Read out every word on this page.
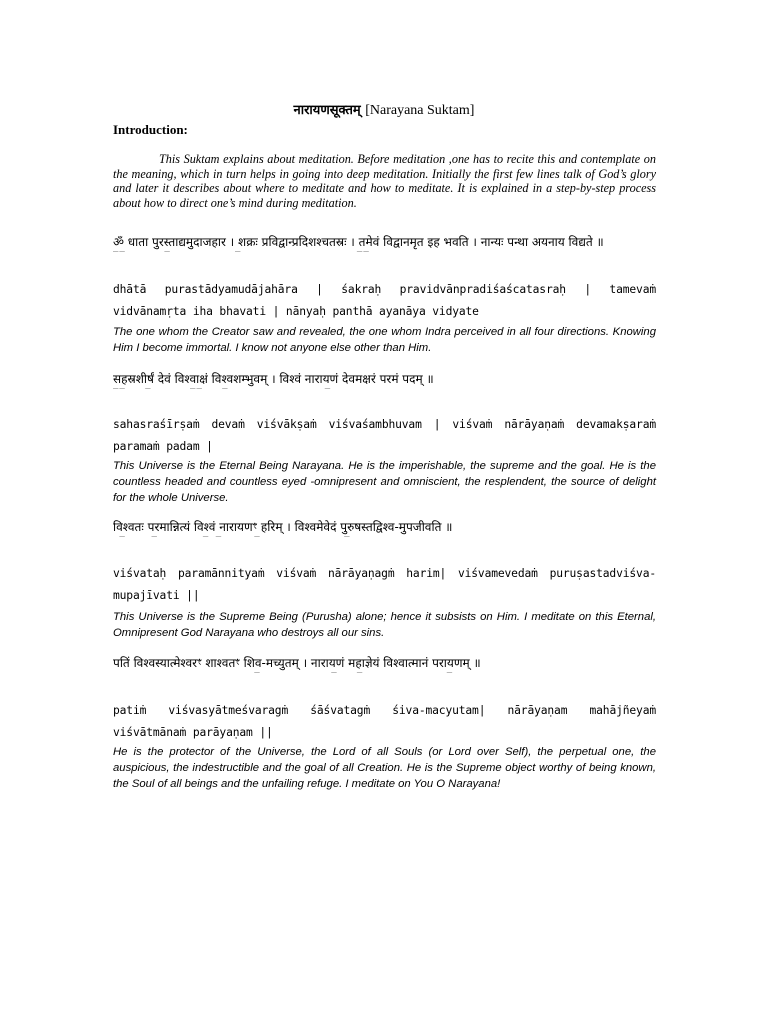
नारायणसूक्तम् [Narayana Suktam]
Introduction:
This Suktam explains about meditation. Before meditation ,one has to recite this and contemplate on the meaning, which in turn helps in going into deep meditation. Initially the first few lines talk of God’s glory and later it describes about where to meditate and how to meditate. It is explained in a step-by-step process about how to direct one’s mind during meditation.
ॐ धाता पुरस्ताद्यमुदाजहार । शक्रः प्रविद्वान्प्रदिशश्चतस्रः । तमेवं विद्वानमृत इह भवति । नान्यः पन्था अयनाय विद्यते ॥
‾‾      ‾          ‾                  ‾‾
dhātā purastādyamudājahāra | śakraḥ pravidvānpradiśaścatasraḥ | tamevaṁ vidvānamṛta iha bhavati | nānyaḥ panthā ayanāya vidyate
The one whom the Creator saw and revealed, the one whom Indra perceived in all four directions. Knowing Him I become immortal. I know not anyone else other than Him.
सहस्रशीर्षं देवं विश्वाक्षं विश्वशम्भुवम् । विश्वं नारायणं देवमक्षरं परमं पदम् ॥
‾‾   ‾      ‾‾   ‾               ‾
sahasraśīrṣaṁ devaṁ viśvākṣaṁ viśvaśambhuvam | viśvaṁ nārāyaṇaṁ devamakṣaraṁ paramaṁ padam |
This Universe is the Eternal Being Narayana. He is the imperishable, the supreme and the goal. He is the countless headed and countless eyed -omnipresent and omniscient, the resplendent, the source of delight for the whole Universe.
विश्वतः परमान्नित्यं विश्वं नारायणꣳ हरिम् । विश्वमेवेदं पुरुषस्तद्विश्व-मुपजीवति ॥
‾    ‾       ‾ ‾     ‾             ‾
viśvataḥ paramānnityaṁ viśvaṁ nārāyaṇagṁ harim| viśvamevedaṁ puruṣastadviśva-mupajīvati ||
This Universe is the Supreme Being (Purusha) alone; hence it subsists on Him. I meditate on this Eternal, Omnipresent God Narayana who destroys all our sins.
पतिं विश्वस्यात्मेश्वरꣳ शाश्वतꣳ शिव-मच्युतम् । नारायणं महाज्ञेयं विश्वात्मानं परायणम् ॥
‾           ‾   ‾             ‾
patiṁ viśvasyātmeśvaragṁ śāśvatagṁ śiva-macyutam| nārāyaṇam mahājñeyaṁ viśvātmānaṁ parāyaṇam ||
He is the protector of the Universe, the Lord of all Souls (or Lord over Self), the perpetual one, the auspicious, the indestructible and the goal of all Creation. He is the Supreme object worthy of being known, the Soul of all beings and the unfailing refuge. I meditate on You O Narayana!
